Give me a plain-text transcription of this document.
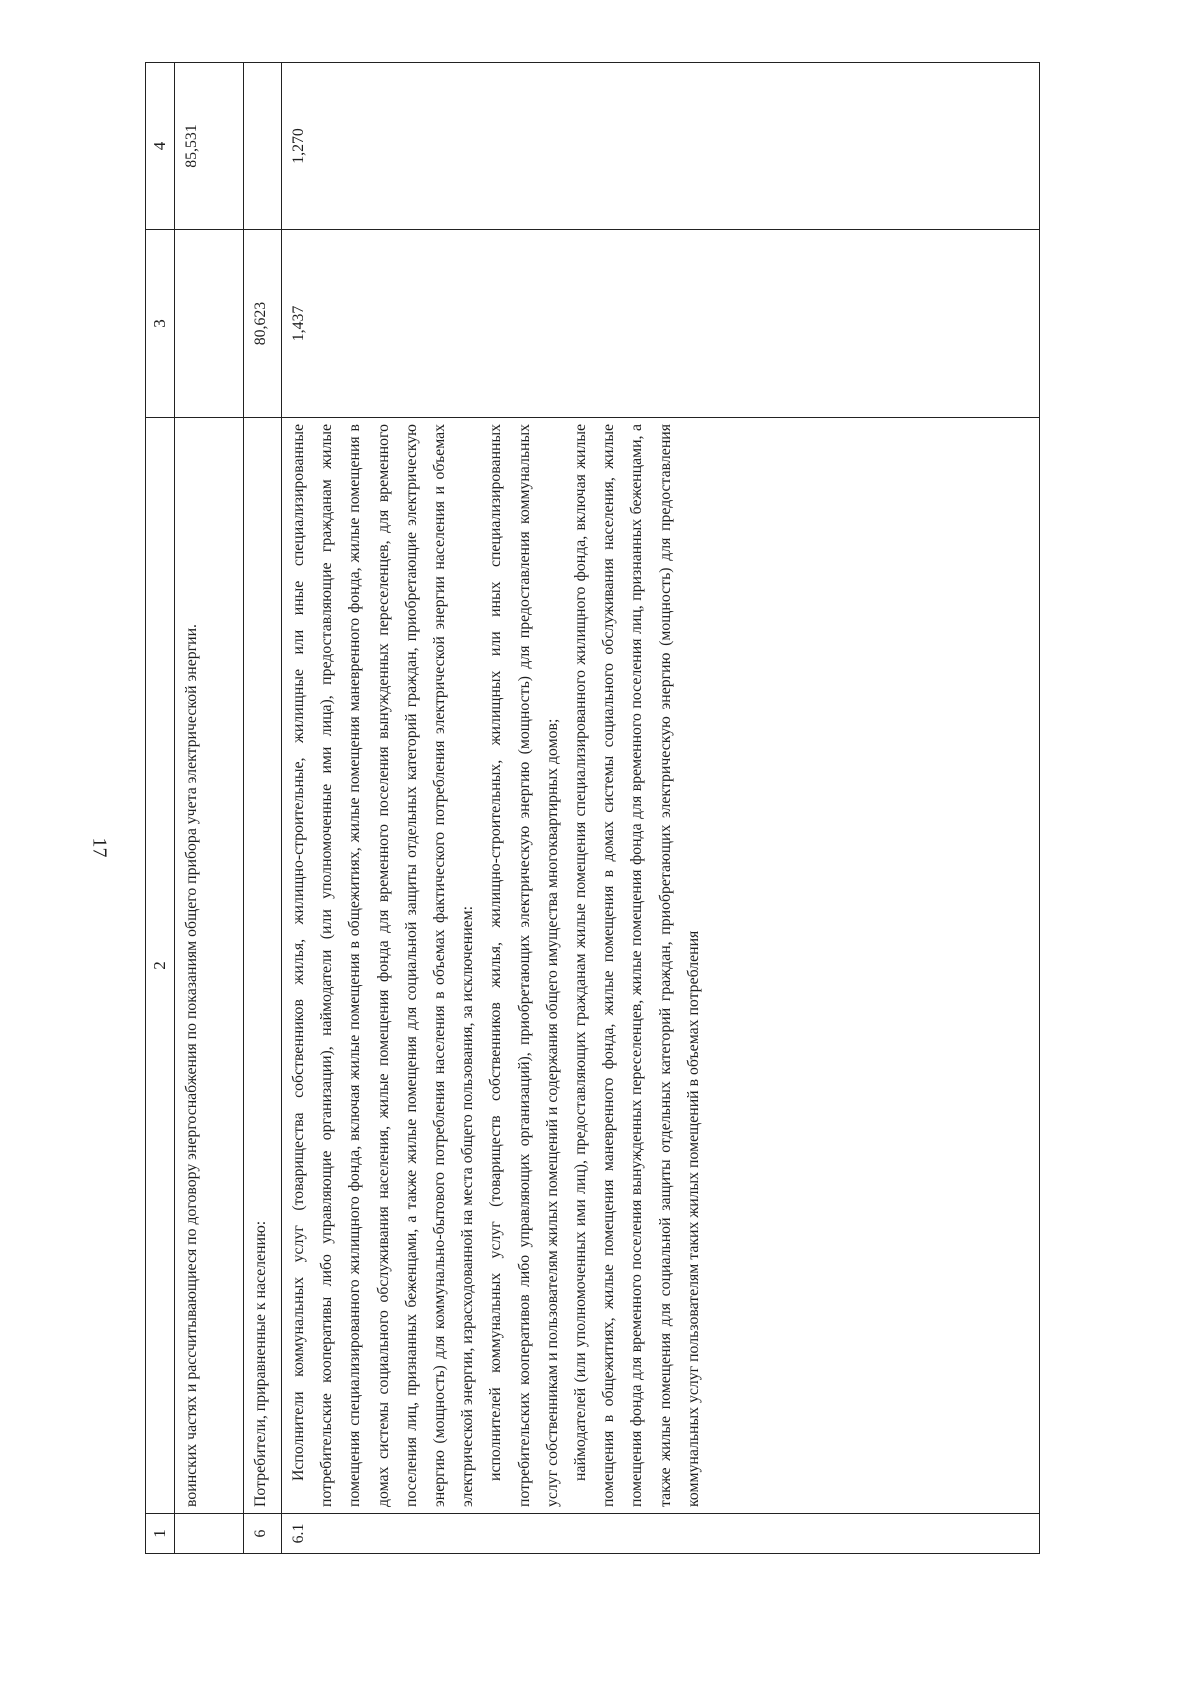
17
1	2	3	4

	воинских частях и рассчитывающиеся по договору энергоснабжения по показаниям общего прибора учета электрической энергии.		85,531
6	Потребители, приравненные к населению:	80,623	
6.1	Исполнители коммунальных услуг (товарищества собственников жилья, жилищно-строительные, жилищные или иные специализированные потребительские кооперативы либо управляющие организации), наймодатели (или уполномоченные ими лица), предоставляющие гражданам жилые помещения специализированного жилищного фонда, включая жилые помещения в общежитиях, жилые помещения маневренного фонда, жилые помещения в домах системы социального обслуживания населения, жилые помещения фонда для временного поселения вынужденных переселенцев, для временного поселения лиц, признанных беженцами, а также жилые помещения для социальной защиты отдельных категорий граждан, приобретающие электрическую энергию (мощность) для коммунально-бытового потребления населения в объемах фактического потребления электрической энергии населения и объемах электрической энергии, израсходованной на места общего пользования, за исключением: исполнителей коммунальных услуг (товариществ собственников жилья, жилищно-строительных, жилищных или иных специализированных потребительских кооперативов либо управляющих организаций), приобретающих электрическую энергию (мощность) для предоставления коммунальных услуг собственникам и пользователям жилых помещений и содержания общего имущества многоквартирных домов; наймодателей (или уполномоченных ими лиц), предоставляющих гражданам жилые помещения специализированного жилищного фонда, включая жилые помещения в общежитиях, жилые помещения маневренного фонда, жилые помещения в домах системы социального обслуживания населения, жилые помещения фонда для временного поселения вынужденных переселенцев, жилые помещения фонда для временного поселения лиц, признанных беженцами, а также жилые помещения для социальной защиты отдельных категорий граждан, приобретающих электрическую энергию (мощность) для предоставления коммунальных услуг пользователям таких жилых помещений в объемах потребления	1,437	1,270
